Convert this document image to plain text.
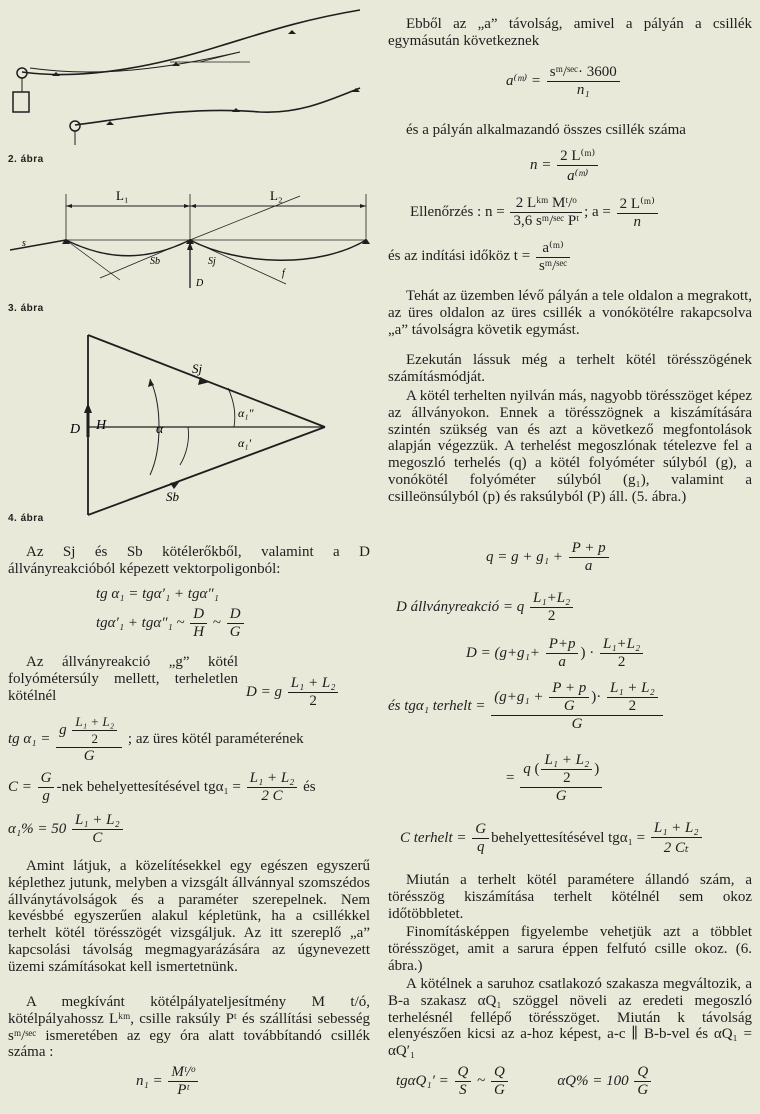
2. ábra
L₁	L₂
s
Sb	Sj
D
f
3. ábra
D H
Sj
Sb
α
α₁″
α₁′
4. ábra
Az Sj és Sb kötélerőkből, valamint a D állványreakcióból képezett vektorpoligonból:
tg α₁ = tgα′₁ + tgα″₁
tgα′₁ + tgα″₁ ~ $\frac{D}{H}$ ~ $\frac{D}{G}$
Az állványreakció „g” kötél folyómétersúly mellett, terheletlen kötélnél	D = g $\frac{\text{L₁ + L₂}}{2}$
tg $\alpha_1 = \frac{g \frac{\text{L₁ + L₂}}{2}}{G}$ ; az üres kötél paraméterének
$C = \frac{G}{g} -nek$ behelyettesítésével $tg\alpha_1 = \frac{\text{L₁ + L₂}}{2 C}$ és
$\alpha_1\% = 50 \frac{\text{L₁ + L₂}}{C}$
Amint látjuk, a közelítésekkel egy egészen egyszerű képlethez jutunk, melyben a vizsgált állvánnyal szomszédos állványtávolságok és a paraméter szerepelnek. Nem kevésbbé egyszerűen alakul képletünk, ha a csillékkel terhelt kötél törésszögét vizsgáljuk. Az itt szereplő „a” kapcsolási távolság megmagyarázására az úgynevezett üzemi számításokat kell ismertetnünk.
A megkívánt kötélpályateljesítmény M t/ó, kötélpályahossz Lᵏᵐ, csille raksúly Pᵗ és szállítási sebesség sᵐ/ˢᵉᶜ ismeretében az egy óra alatt továbbítandó csillék száma :
$n_1 = \frac{\text{Mᵗ/ᵒ}}{\text{Pᵗ}}$
Ebből az „a” távolság, amivel a pályán a csillék egymásután következnek
a⁽ᵐ⁾ = $\frac{\text{sᵐ/ˢᵉᶜ· 3600}}{\text{n₁}}$
és a pályán alkalmazandó összes csillék száma
$n = \frac{\text{2 L⁽ᵐ⁾}}{\text{a⁽ᵐ⁾}}$
Ellenőrzés : $n = \frac{\text{2 Lᵏᵐ Mᵗ/ᵒ}}{\text{3,6 sᵐ/ˢᵉᶜ Pᵗ}}$ ; $a = \frac{\text{2 L⁽ᵐ⁾}}{n}$
és az indítási időköz $t = \frac{\text{a⁽ᵐ⁾}}{\text{sᵐ/ˢᵉᶜ}}$
Tehát az üzemben lévő pályán a tele oldalon a megrakott, az üres oldalon az üres csillék a vonókötélre rakapcsolva „a” távolságra követik egymást.
Ezekután lássuk még a terhelt kötél törésszögének számításmódját.
A kötél terhelten nyilván más, nagyobb törésszöget képez az állványokon. Ennek a törésszögnek a kiszámítására szintén szükség van és azt a következő megfontolások alapján végezzük. A terhelést megoszlónak tételezve fel a megoszló terhelés (q) a kötél folyóméter súlyból (g), a vonókötél folyóméter súlyból (g₁), valamint a csilleönsúlyból (p) és raksúlyból (P) áll. (5. ábra.)
$q = g + g_1 + \frac{P + p}{a}$
D állványreakció = q $\frac{\text{L₁+L₂}}{2}$
$D = (g+g_1+ \frac{P+p}{a}$ ) · $\frac{\text{L₁+L₂}}{2}$
és tgα₁ terhelt = $\frac{(g+g_1 + \frac{P + p}{G} )\cdot \frac{\text{L₁ + L₂}}{2}}{G}$
= $\frac{q ( \frac{\text{L₁ + L₂}}{2} )}{G}$
C terhelt = $\frac{G}{q}$ behelyettesítésével $tg\alpha_1 = \frac{\text{L₁ + L₂}}{\text{2 Cₜ}}$
Miután a terhelt kötél paramétere állandó szám, a törésszög kiszámítása terhelt kötélnél sem okoz időtöbbletet.
Finomításképpen figyelembe vehetjük azt a többlet törésszöget, amit a sarura éppen felfutó csille okoz. (6. ábra.)
A kötélnek a saruhoz csatlakozó szakasza megváltozik, a B-a szakasz αQ₁ szöggel növeli az eredeti megoszló terhelésnél fellépő törésszöget. Miután k távolság elenyészően kicsi az a-hoz képest, a-c ∥ B-b-vel és αQ₁ = αQ′₁
$tg\alpha Q_1' = \frac{Q}{S}$ ~ $\frac{Q}{G}$	$\alpha Q\% = 100 \frac{Q}{G}$
